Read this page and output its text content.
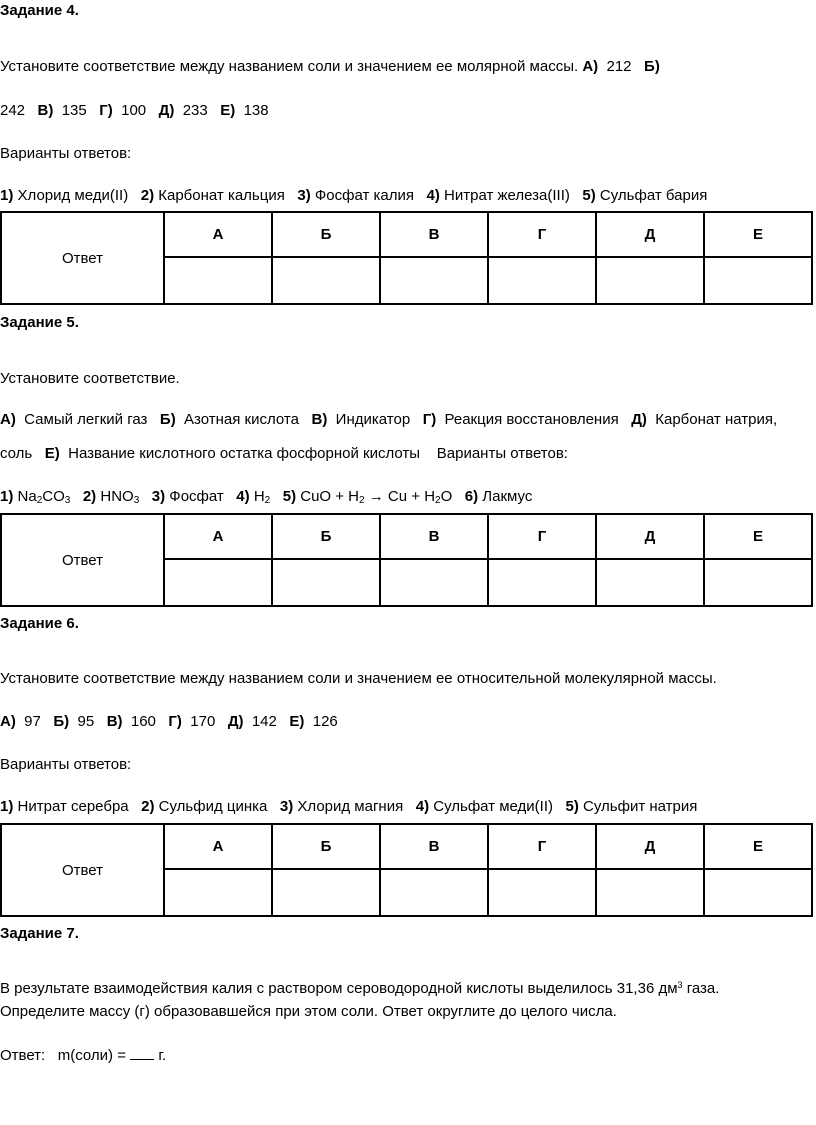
Задание 4.
Установите соответствие между названием соли и значением ее молярной массы. А) 212 Б)
242 В) 135 Г) 100 Д) 233 Е) 138
Варианты ответов:
1) Хлорид меди(II) 2) Карбонат кальция 3) Фосфат калия 4) Нитрат железа(III) 5) Сульфат бария
Ответ	А	Б	В	Г	Д	Е

Задание 5.
Установите соответствие.
А) Самый легкий газ Б) Азотная кислота В) Индикатор Г) Реакция восстановления Д) Карбонат натрия,
соль Е) Название кислотного остатка фосфорной кислоты Варианты ответов:
1) $Na_2CO_3$ 2) $HNO_3$ 3) Фосфат 4) $H_2$ 5) CuO + $H_2 \to Cu + H_2O$ 6) Лакмус
Ответ	А	Б	В	Г	Д	Е

Задание 6.
Установите соответствие между названием соли и значением ее относительной молекулярной массы.
А) 97 Б) 95 В) 160 Г) 170 Д) 142 Е) 126
Варианты ответов:
1) Нитрат серебра 2) Сульфид цинка 3) Хлорид магния 4) Сульфат меди(II) 5) Сульфит натрия
Ответ	А	Б	В	Г	Д	Е

Задание 7.
В результате взаимодействия калия с раствором сероводородной кислоты выделилось 31,36 $дм^3$ газа.
Определите массу (г) образовавшейся при этом соли. Ответ округлите до целого числа.
Ответ: m(соли) = г.
